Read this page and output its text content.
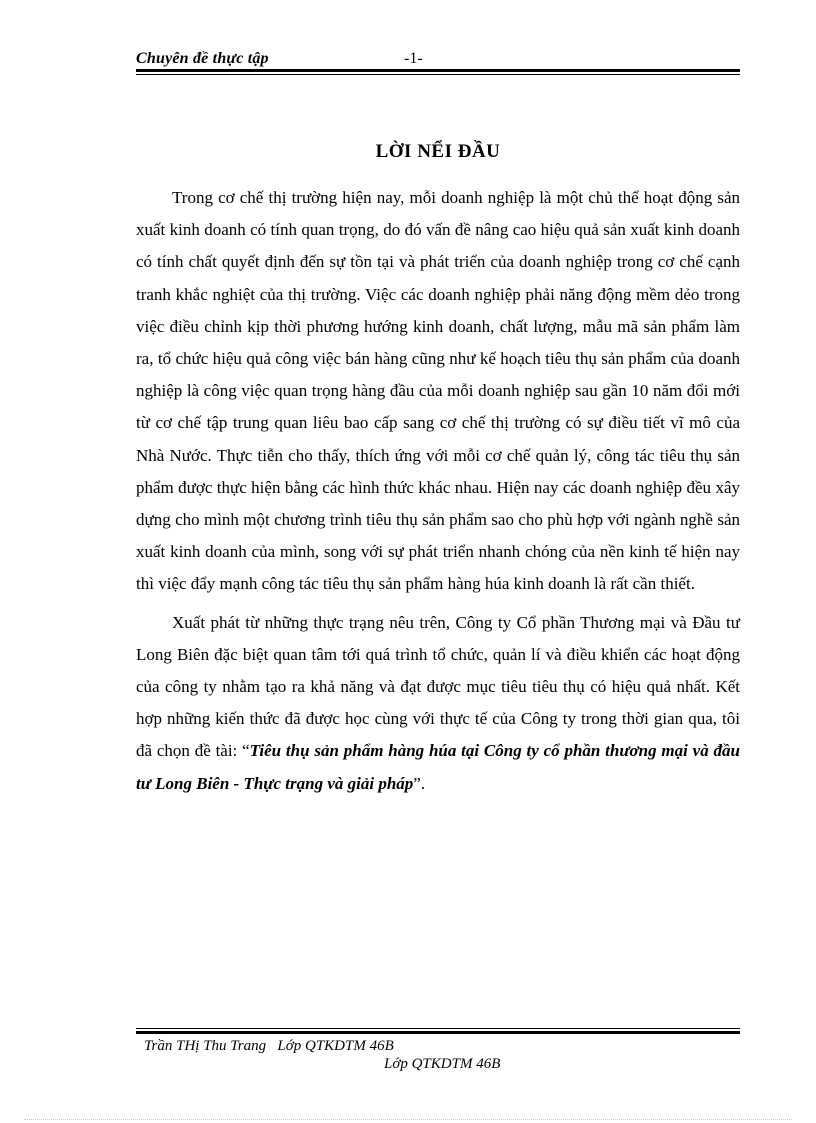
Chuyên đề thực tập	-1-
LỜI NỂI ĐẦU

Trong cơ chế thị trường hiện nay, mỗi doanh nghiệp là một chủ thể hoạt động sản xuất kinh doanh có tính quan trọng, do đó vấn đề nâng cao hiệu quả sản xuất kinh doanh có tính chất quyết định đến sự tồn tại và phát triển của doanh nghiệp trong cơ chế cạnh tranh khắc nghiệt của thị trường. Việc các doanh nghiệp phải năng động mềm dẻo trong việc điều chỉnh kịp thời phương hướng kinh doanh, chất lượng, mẫu mã sản phẩm làm ra, tổ chức hiệu quả công việc bán hàng cũng như kế hoạch tiêu thụ sản phẩm của doanh nghiệp là công việc quan trọng hàng đầu của mỗi doanh nghiệp sau gần 10 năm đổi mới từ cơ chế tập trung quan liêu bao cấp sang cơ chế thị trường có sự điều tiết vĩ mô của Nhà Nước. Thực tiễn cho thấy, thích ứng với mỗi cơ chế quản lý, công tác tiêu thụ sản phẩm được thực hiện bằng các hình thức khác nhau. Hiện nay các doanh nghiệp đều xây dựng cho mình một chương trình tiêu thụ sản phẩm sao cho phù hợp với ngành nghề sản xuất kinh doanh của mình, song với sự phát triển nhanh chóng của nền kinh tế hiện nay thì việc đẩy mạnh công tác tiêu thụ sản phẩm hàng húa kinh doanh là rất cần thiết.

Xuất phát từ những thực trạng nêu trên, Công ty Cổ phần Thương mại và Đầu tư Long Biên đặc biệt quan tâm tới quá trình tổ chức, quản lí và điều khiển các hoạt động của công ty nhằm tạo ra khả năng và đạt được mục tiêu tiêu thụ có hiệu quả nhất. Kết hợp những kiến thức đã được học cùng với thực tế của Công ty trong thời gian qua, tôi đã chọn đề tài: “Tiêu thụ sản phẩm hàng húa tại Công ty cổ phần thương mại và đầu tư Long Biên - Thực trạng và giải pháp”.

Trần THị Thu Trang   Lớp QTKDTM 46B
Lớp QTKDTM 46B
